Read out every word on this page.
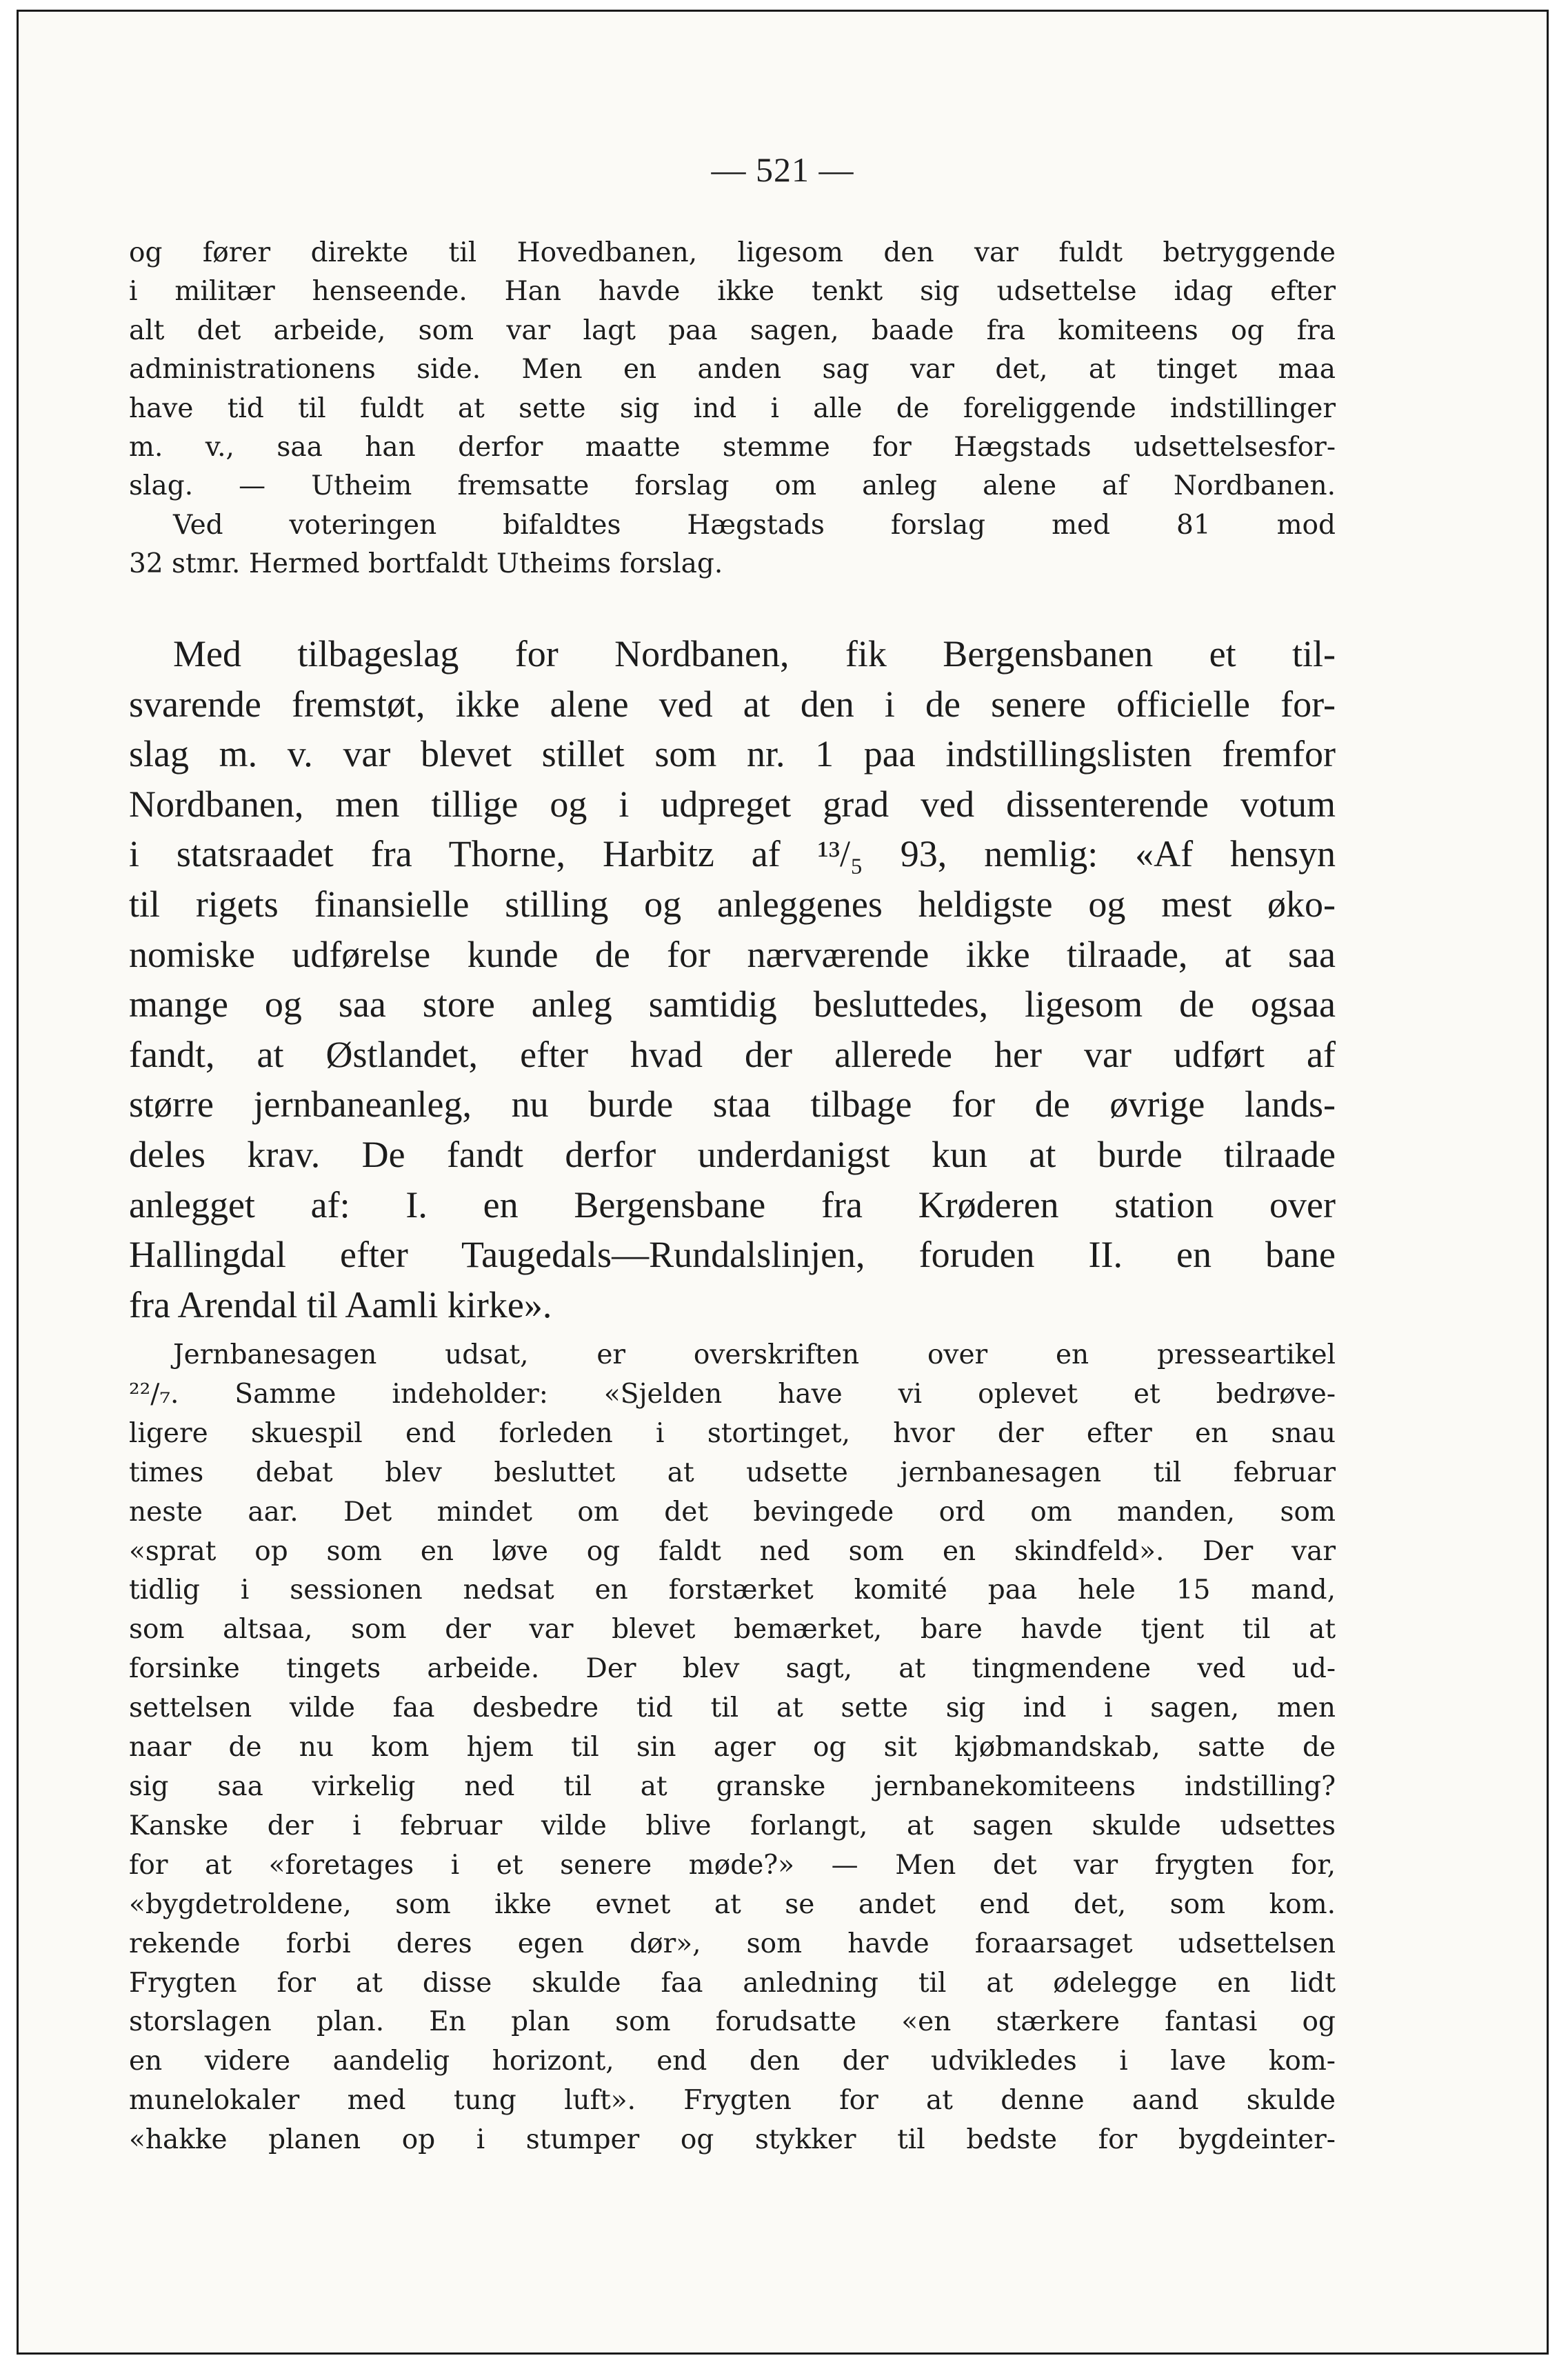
— 521 —
og fører direkte til Hovedbanen, ligesom den var fuldt betryggende
i militær henseende. Han havde ikke tenkt sig udsettelse idag efter
alt det arbeide, som var lagt paa sagen, baade fra komiteens og fra
administrationens side. Men en anden sag var det, at tinget maa
have tid til fuldt at sette sig ind i alle de foreliggende indstillinger
m. v., saa han derfor maatte stemme for Hægstads udsettelsesfor-
slag. — Utheim fremsatte forslag om anleg alene af Nordbanen.
Ved voteringen bifaldtes Hægstads forslag med 81 mod
32 stmr. Hermed bortfaldt Utheims forslag.
Med tilbageslag for Nordbanen, fik Bergensbanen et til-
svarende fremstøt, ikke alene ved at den i de senere officielle for-
slag m. v. var blevet stillet som nr. 1 paa indstillingslisten fremfor
Nordbanen, men tillige og i udpreget grad ved dissenterende votum
i statsraadet fra Thorne, Harbitz af ¹³/₅ 93, nemlig: «Af hensyn
til rigets finansielle stilling og anleggenes heldigste og mest øko-
nomiske udførelse kunde de for nærværende ikke tilraade, at saa
mange og saa store anleg samtidig besluttedes, ligesom de ogsaa
fandt, at Østlandet, efter hvad der allerede her var udført af
større jernbaneanleg, nu burde staa tilbage for de øvrige lands-
deles krav. De fandt derfor underdanigst kun at burde tilraade
anlegget af: I. en Bergensbane fra Krøderen station over
Hallingdal efter Taugedals—Rundalslinjen, foruden II. en bane
fra Arendal til Aamli kirke».
Jernbanesagen udsat, er overskriften over en presseartikel
²²/₇. Samme indeholder: «Sjelden have vi oplevet et bedrøve-
ligere skuespil end forleden i stortinget, hvor der efter en snau
times debat blev besluttet at udsette jernbanesagen til februar
neste aar. Det mindet om det bevingede ord om manden, som
«sprat op som en løve og faldt ned som en skindfeld». Der var
tidlig i sessionen nedsat en forstærket komité paa hele 15 mand,
som altsaa, som der var blevet bemærket, bare havde tjent til at
forsinke tingets arbeide. Der blev sagt, at tingmendene ved ud-
settelsen vilde faa desbedre tid til at sette sig ind i sagen, men
naar de nu kom hjem til sin ager og sit kjøbmandskab, satte de
sig saa virkelig ned til at granske jernbanekomiteens indstilling?
Kanske der i februar vilde blive forlangt, at sagen skulde udsettes
for at «foretages i et senere møde?» — Men det var frygten for,
«bygdetroldene, som ikke evnet at se andet end det, som kom.
rekende forbi deres egen dør», som havde foraarsaget udsettelsen
Frygten for at disse skulde faa anledning til at ødelegge en lidt
storslagen plan. En plan som forudsatte «en stærkere fantasi og
en videre aandelig horizont, end den der udvikledes i lave kom-
munelokaler med tung luft». Frygten for at denne aand skulde
«hakke planen op i stumper og stykker til bedste for bygdeinter-
